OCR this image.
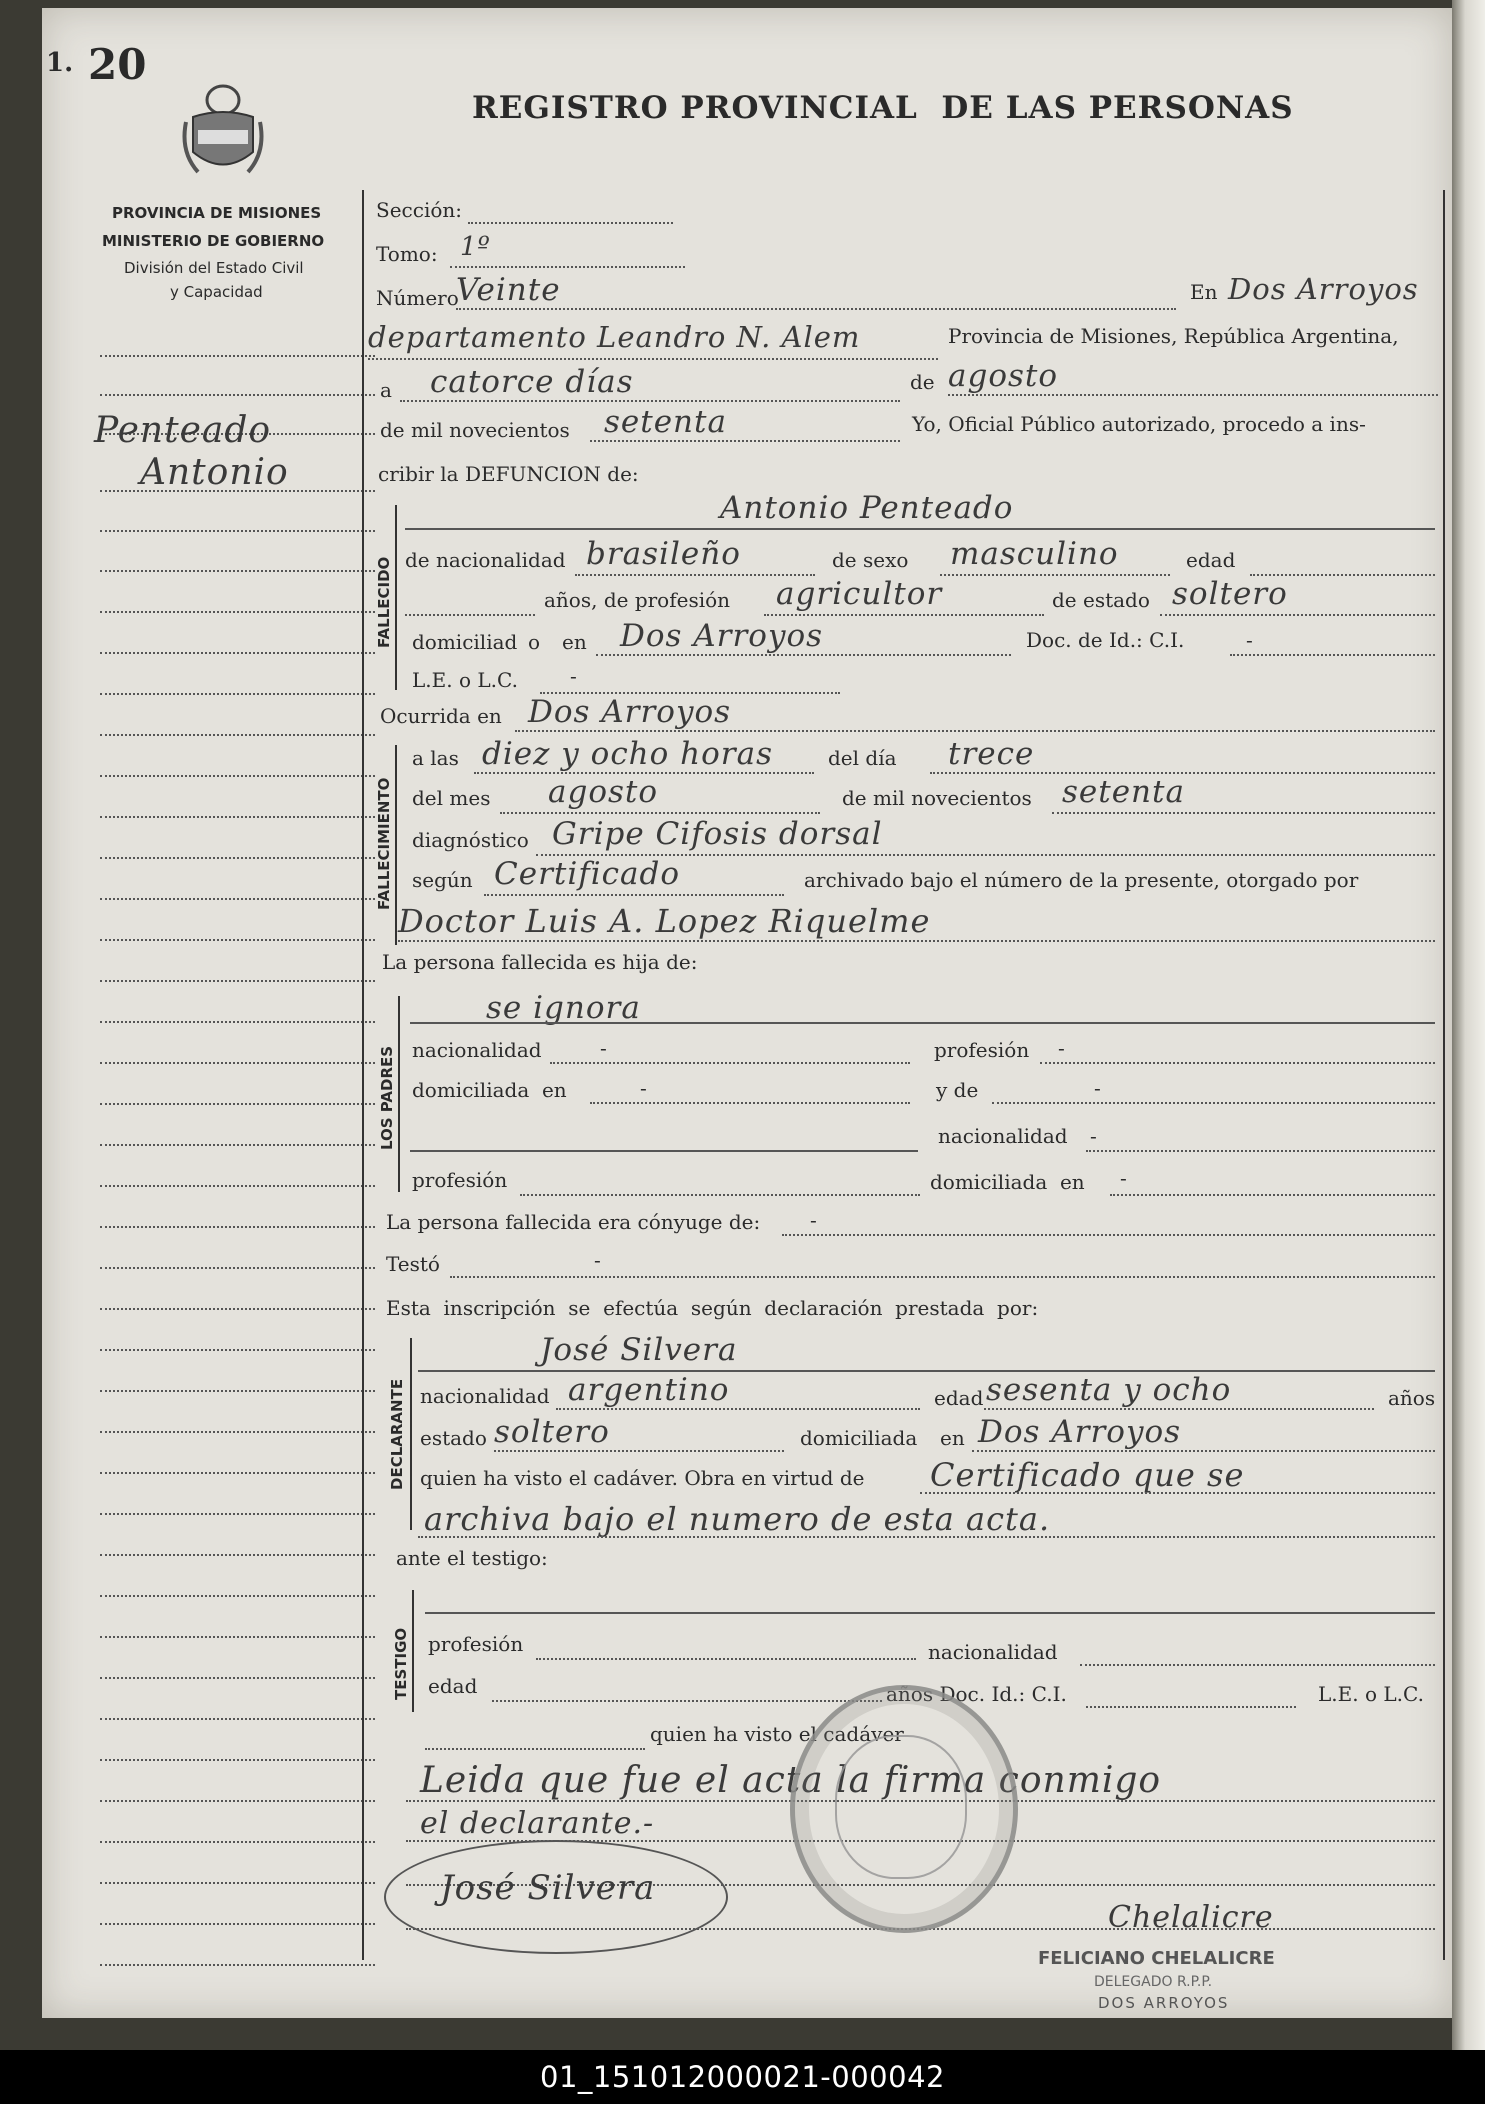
1. 20
REGISTRO PROVINCIAL  DE LAS PERSONAS
PROVINCIA DE MISIONES
MINISTERIO DE GOBIERNO
División del Estado Civil
y Capacidad
Penteado
Antonio
Sección:
Tomo: 1º
Número
Veinte	En Dos Arroyos
departamento Leandro N. Alem	Provincia de Misiones, República Argentina,
a catorce días	de agosto
de mil novecientos setenta	Yo, Oficial Público autorizado, procedo a ins-
cribir la DEFUNCION de:
FALLECIDO
Antonio Penteado
de nacionalidad brasileño	de sexo masculino	edad
años, de profesión agricultor	de estado soltero
domiciliad o en Dos Arroyos	Doc. de Id.: C.I.	-
L.E. o L.C.	-
Ocurrida en Dos Arroyos
FALLECIMIENTO
a las diez y ocho horas	del día trece
del mes agosto	de mil novecientos setenta
diagnóstico Gripe Cifosis dorsal
según Certificado	archivado bajo el número de la presente, otorgado por
Doctor Luis A. Lopez Riquelme
La persona fallecida es hija de:
LOS PADRES
se ignora
nacionalidad	-	profesión -
domiciliada  en	-	y de	-
nacionalidad -
profesión	domiciliada  en -
La persona fallecida era cónyuge de: -
Testó	-
Esta  inscripción  se  efectúa  según  declaración  prestada  por:
DECLARANTE
José Silvera
nacionalidad argentino	edad sesenta y ocho	años
estado soltero	domiciliada en Dos Arroyos
quien ha visto el cadáver. Obra en virtud de Certificado que se
archiva bajo el numero de esta acta.
ante el testigo:
TESTIGO profesión	nacionalidad
edad	años Doc. Id.: C.I.	L.E. o L.C.
quien ha visto el cadáver
Leida que fue el acta la firma conmigo
el declarante.-
José Silvera
Chelalicre
FELICIANO CHELALICRE
DELEGADO R.P.P.
DOS ARROYOS
01_151012000021-000042
